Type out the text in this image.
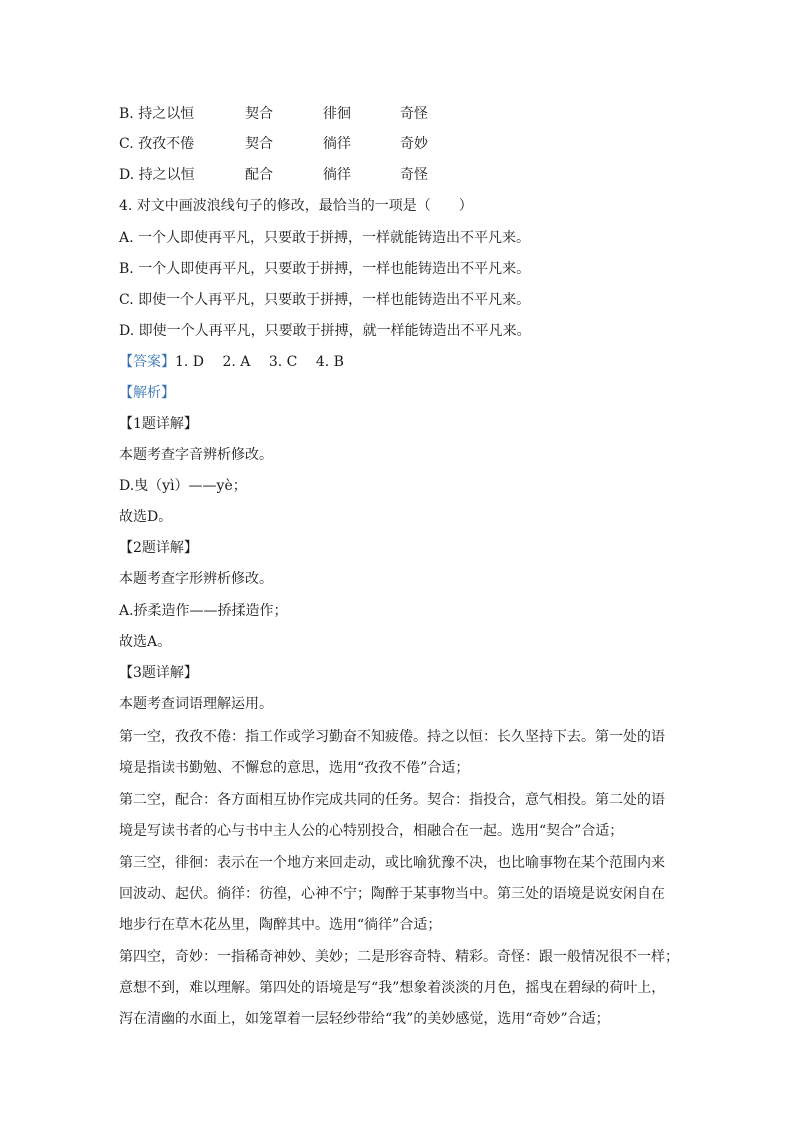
B. 持之以恒	契合	徘徊	奇怪
C. 孜孜不倦	契合	徜徉	奇妙
D. 持之以恒	配合	徜徉	奇怪
4. 对文中画波浪线句子的修改，最恰当的一项是（　　）
A. 一个人即使再平凡，只要敢于拼搏，一样就能铸造出不平凡来。
B. 一个人即使再平凡，只要敢于拼搏，一样也能铸造出不平凡来。
C. 即使一个人再平凡，只要敢于拼搏，一样也能铸造出不平凡来。
D. 即使一个人再平凡，只要敢于拼搏，就一样能铸造出不平凡来。
【答案】1. D　 2. A　 3. C　 4. B
【解析】
【1题详解】
本题考查字音辨析修改。
D.曳（yì）——yè；
故选D。
【2题详解】
本题考查字形辨析修改。
A.挢柔造作——挢揉造作；
故选A。
【3题详解】
本题考查词语理解运用。
第一空，孜孜不倦：指工作或学习勤奋不知疲倦。持之以恒：长久坚持下去。第一处的语
境是指读书勤勉、不懈怠的意思，选用“孜孜不倦”合适；
第二空，配合：各方面相互协作完成共同的任务。契合：指投合，意气相投。第二处的语
境是写读书者的心与书中主人公的心特别投合，相融合在一起。选用“契合”合适；
第三空，徘徊：表示在一个地方来回走动，或比喻犹豫不决，也比喻事物在某个范围内来
回波动、起伏。徜徉：彷徨，心神不宁；陶醉于某事物当中。第三处的语境是说安闲自在
地步行在草木花丛里，陶醉其中。选用“徜徉”合适；
第四空，奇妙：一指稀奇神妙、美妙；二是形容奇特、精彩。奇怪：跟一般情况很不一样；
意想不到，难以理解。第四处的语境是写“我”想象着淡淡的月色，摇曳在碧绿的荷叶上，
泻在清幽的水面上，如笼罩着一层轻纱带给“我”的美妙感觉，选用“奇妙”合适；
